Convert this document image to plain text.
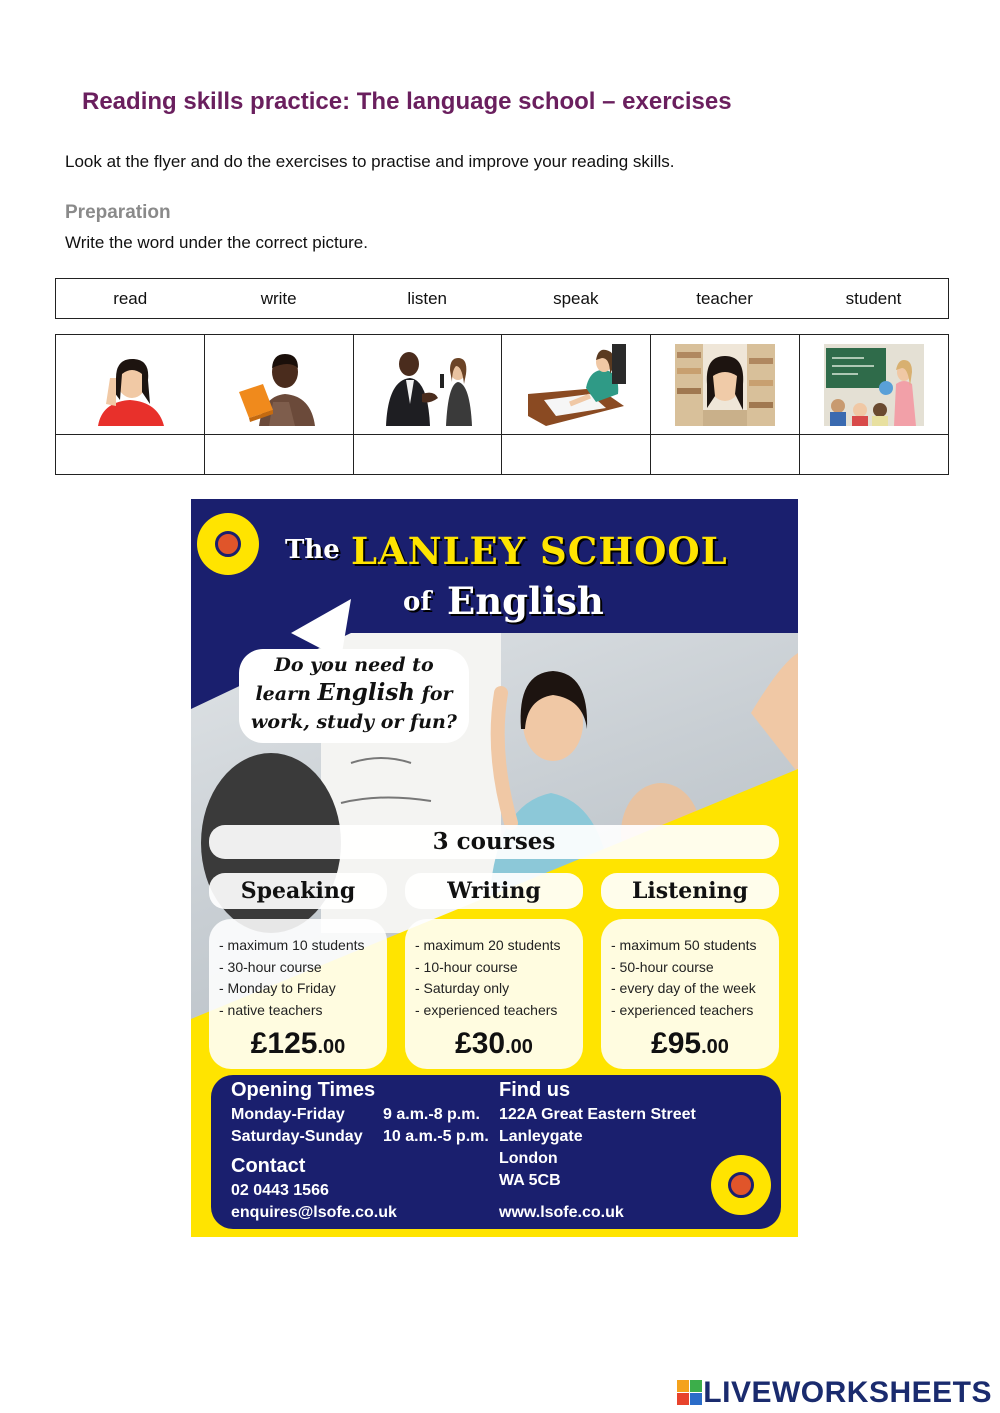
Reading skills practice: The language school – exercises
Look at the flyer and do the exercises to practise and improve your reading skills.
Preparation
Write the word under the correct picture.
read	write	listen	speak	teacher	student

The LANLEY SCHOOL
of English
Do you need to
learn English for
work, study or fun?
3 courses
Speaking	Writing	Listening
- maximum 10 students
- 30-hour course
- Monday to Friday
- native teachers
£125.00
- maximum 20 students
- 10-hour course
- Saturday only
- experienced teachers
£30.00
- maximum 50 students
- 50-hour course
- every day of the week
- experienced teachers
£95.00
Opening Times
Monday-Friday 9 a.m.-8 p.m.
Saturday-Sunday 10 a.m.-5 p.m.
Contact
02 0443 1566
enquires@lsofe.co.uk
Find us
122A Great Eastern Street
Lanleygate
London
WA 5CB
www.lsofe.co.uk
LIVEWORKSHEETS
